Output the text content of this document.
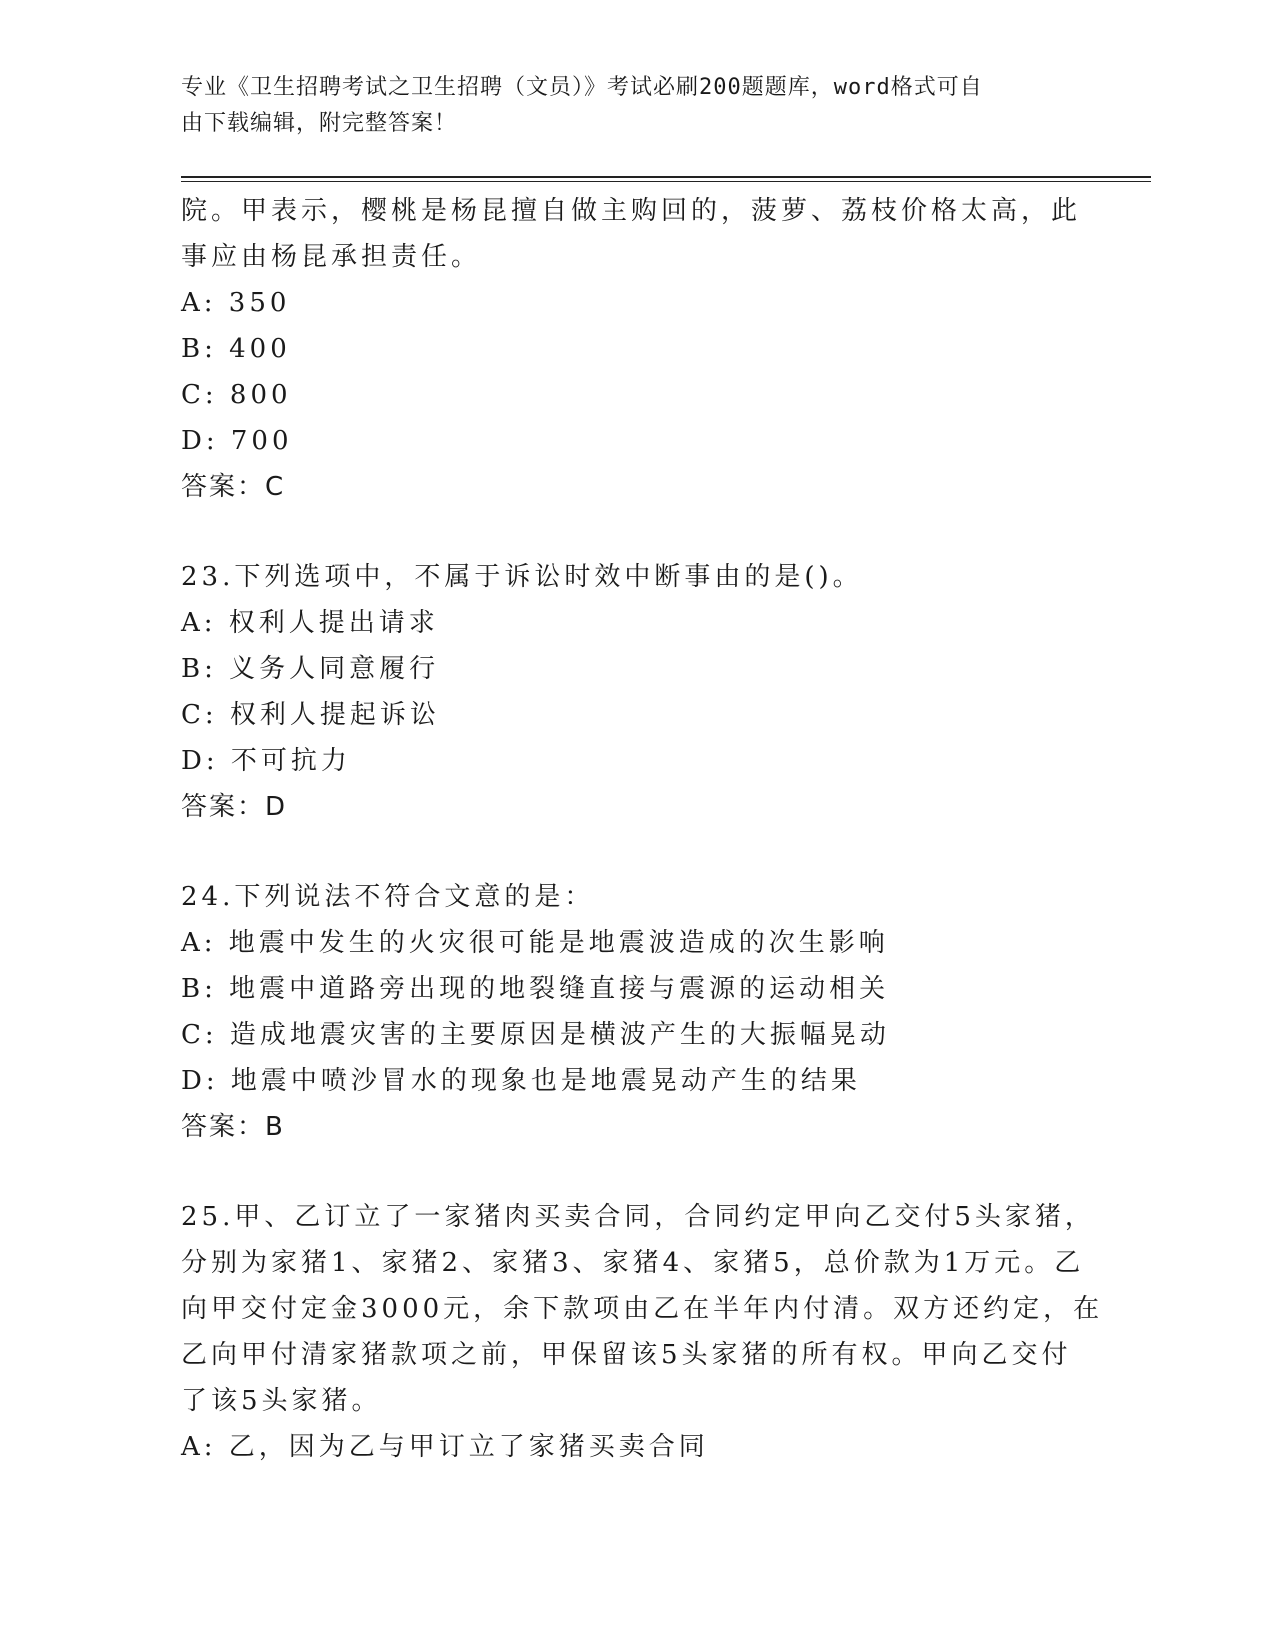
专业《卫生招聘考试之卫生招聘（文员）》考试必刷200题题库，word格式可自
由下载编辑，附完整答案！
院。甲表示，樱桃是杨昆擅自做主购回的，菠萝、荔枝价格太高，此
事应由杨昆承担责任。
A: 350
B: 400
C: 800
D: 700
答案：C
23.下列选项中，不属于诉讼时效中断事由的是()。
A: 权利人提出请求
B: 义务人同意履行
C: 权利人提起诉讼
D: 不可抗力
答案：D
24.下列说法不符合文意的是：
A: 地震中发生的火灾很可能是地震波造成的次生影响
B: 地震中道路旁出现的地裂缝直接与震源的运动相关
C: 造成地震灾害的主要原因是横波产生的大振幅晃动
D: 地震中喷沙冒水的现象也是地震晃动产生的结果
答案：B
25.甲、乙订立了一家猪肉买卖合同，合同约定甲向乙交付5头家猪，
分别为家猪1、家猪2、家猪3、家猪4、家猪5，总价款为1万元。乙
向甲交付定金3000元，余下款项由乙在半年内付清。双方还约定，在
乙向甲付清家猪款项之前，甲保留该5头家猪的所有权。甲向乙交付
了该5头家猪。
A: 乙，因为乙与甲订立了家猪买卖合同
